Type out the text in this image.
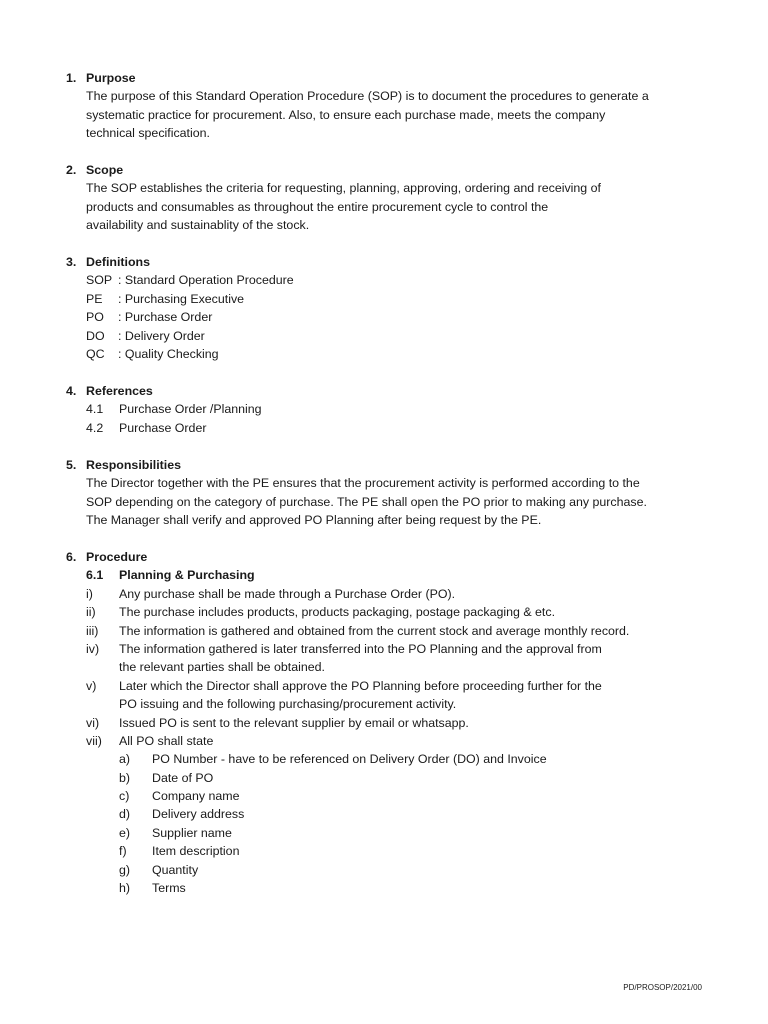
1. Purpose
The purpose of this Standard Operation Procedure (SOP) is to document the procedures to generate a
systematic practice for procurement. Also, to ensure each purchase made, meets the company
technical specification.
2. Scope
The SOP establishes the criteria for requesting, planning, approving, ordering and receiving of
products and consumables as throughout the entire procurement cycle to control the
availability and sustainablity of the stock.
3. Definitions
SOP : Standard Operation Procedure
PE : Purchasing Executive
PO : Purchase Order
DO : Delivery Order
QC : Quality Checking
4. References
4.1 Purchase Order /Planning
4.2 Purchase Order
5. Responsibilities
The Director together with the PE ensures that the procurement activity is performed according to the
SOP depending on the category of purchase. The PE shall open the PO prior to making any purchase.
The Manager shall verify and approved PO Planning after being request by the PE.
6. Procedure
6.1 Planning & Purchasing
i) Any purchase shall be made through a Purchase Order (PO).
ii) The purchase includes products, products packaging, postage packaging & etc.
iii) The information is gathered and obtained from the current stock and average monthly record.
iv) The information gathered is later transferred into the PO Planning and the approval from
the relevant parties shall be obtained.
v) Later which the Director shall approve the PO Planning before proceeding further for the
PO issuing and the following purchasing/procurement activity.
vi) Issued PO is sent to the relevant supplier by email or whatsapp.
vii) All PO shall state
a) PO Number - have to be referenced on Delivery Order (DO) and Invoice
b) Date of PO
c) Company name
d) Delivery address
e) Supplier name
f) Item description
g) Quantity
h) Terms
PD/PROSOP/2021/00
